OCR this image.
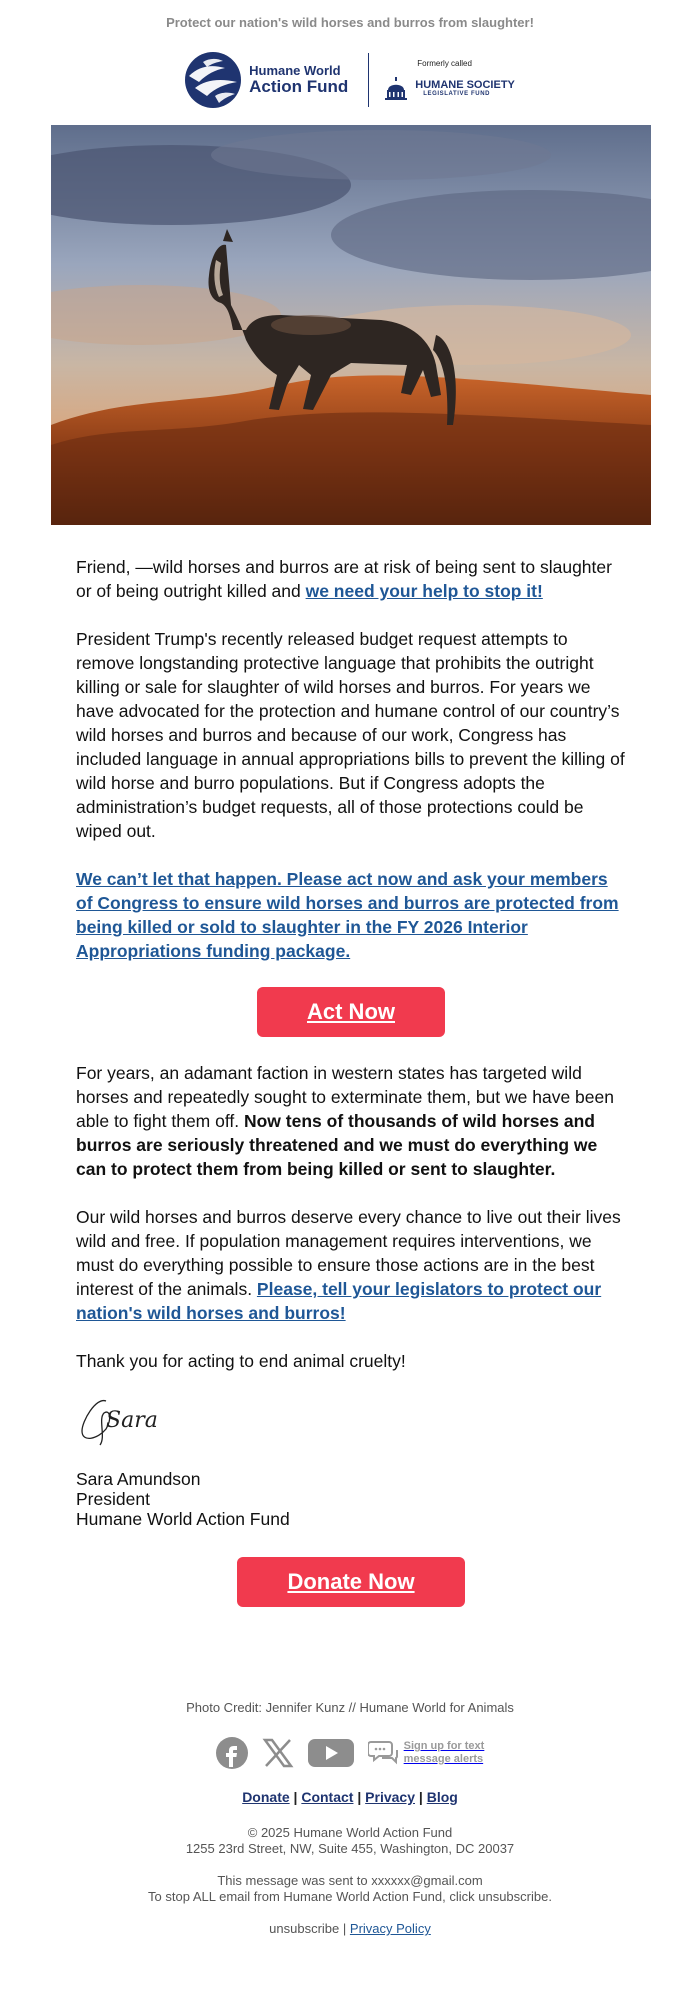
Protect our nation's wild horses and burros from slaughter!
Humane World
Action Fund
Formerly called
HUMANE SOCIETY
LEGISLATIVE FUND

Friend, —wild horses and burros are at risk of being sent to slaughter or of being outright killed and we need your help to stop it!

President Trump's recently released budget request attempts to remove longstanding protective language that prohibits the outright killing or sale for slaughter of wild horses and burros. For years we have advocated for the protection and humane control of our country’s wild horses and burros and because of our work, Congress has included language in annual appropriations bills to prevent the killing of wild horse and burro populations. But if Congress adopts the administration’s budget requests, all of those protections could be wiped out.

We can’t let that happen. Please act now and ask your members of Congress to ensure wild horses and burros are protected from being killed or sold to slaughter in the FY 2026 Interior Appropriations funding package.

Act Now

For years, an adamant faction in western states has targeted wild horses and repeatedly sought to exterminate them, but we have been able to fight them off. Now tens of thousands of wild horses and burros are seriously threatened and we must do everything we can to protect them from being killed or sent to slaughter.

Our wild horses and burros deserve every chance to live out their lives wild and free. If population management requires interventions, we must do everything possible to ensure those actions are in the best interest of the animals. Please, tell your legislators to protect our nation's wild horses and burros!

Thank you for acting to end animal cruelty!

Sara
Sara Amundson
President
Humane World Action Fund
Donate Now
Photo Credit: Jennifer Kunz // Humane World for Animals
Sign up for text
message alerts
Donate | Contact | Privacy | Blog
© 2025 Humane World Action Fund
1255 23rd Street, NW, Suite 455, Washington, DC 20037
This message was sent to xxxxxx@gmail.com
To stop ALL email from Humane World Action Fund, click unsubscribe.
unsubscribe | Privacy Policy
